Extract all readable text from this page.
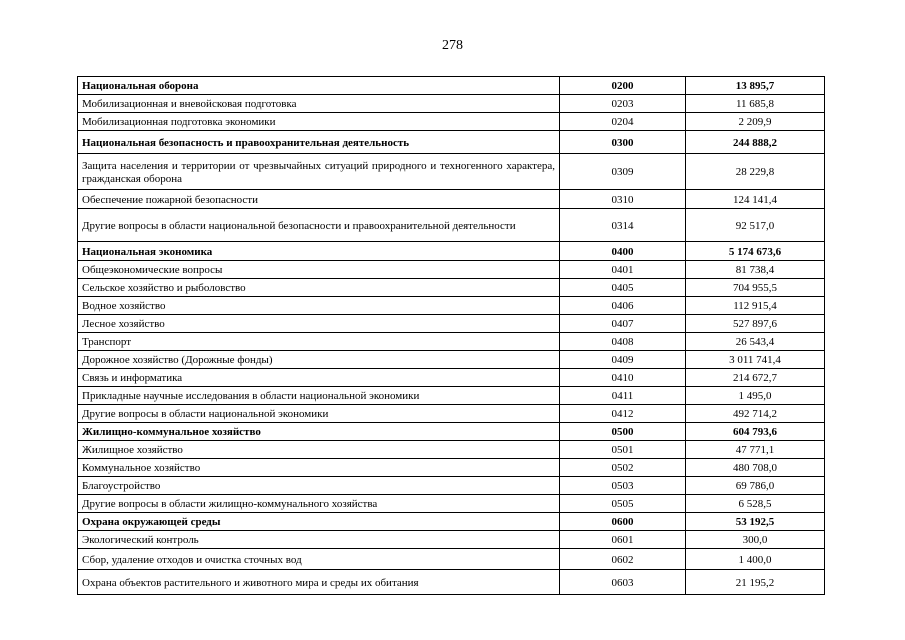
278
Национальная оборона	0200	13 895,7
Мобилизационная и вневойсковая подготовка	0203	11 685,8
Мобилизационная подготовка экономики	0204	2 209,9
Национальная безопасность и правоохранительная деятельность	0300	244 888,2
Защита населения и территории от чрезвычайных ситуаций природного и техногенного характера, гражданская оборона	0309	28 229,8
Обеспечение пожарной безопасности	0310	124 141,4
Другие вопросы в области национальной безопасности и правоохранительной деятельности	0314	92 517,0
Национальная экономика	0400	5 174 673,6
Общеэкономические вопросы	0401	81 738,4
Сельское хозяйство и рыболовство	0405	704 955,5
Водное хозяйство	0406	112 915,4
Лесное хозяйство	0407	527 897,6
Транспорт	0408	26 543,4
Дорожное хозяйство (Дорожные фонды)	0409	3 011 741,4
Связь и информатика	0410	214 672,7
Прикладные научные исследования в области национальной экономики	0411	1 495,0
Другие вопросы в области национальной экономики	0412	492 714,2
Жилищно-коммунальное хозяйство	0500	604 793,6
Жилищное хозяйство	0501	47 771,1
Коммунальное хозяйство	0502	480 708,0
Благоустройство	0503	69 786,0
Другие вопросы в области жилищно-коммунального хозяйства	0505	6 528,5
Охрана окружающей среды	0600	53 192,5
Экологический контроль	0601	300,0
Сбор, удаление отходов и очистка сточных вод	0602	1 400,0
Охрана объектов растительного и животного мира и среды их обитания	0603	21 195,2
